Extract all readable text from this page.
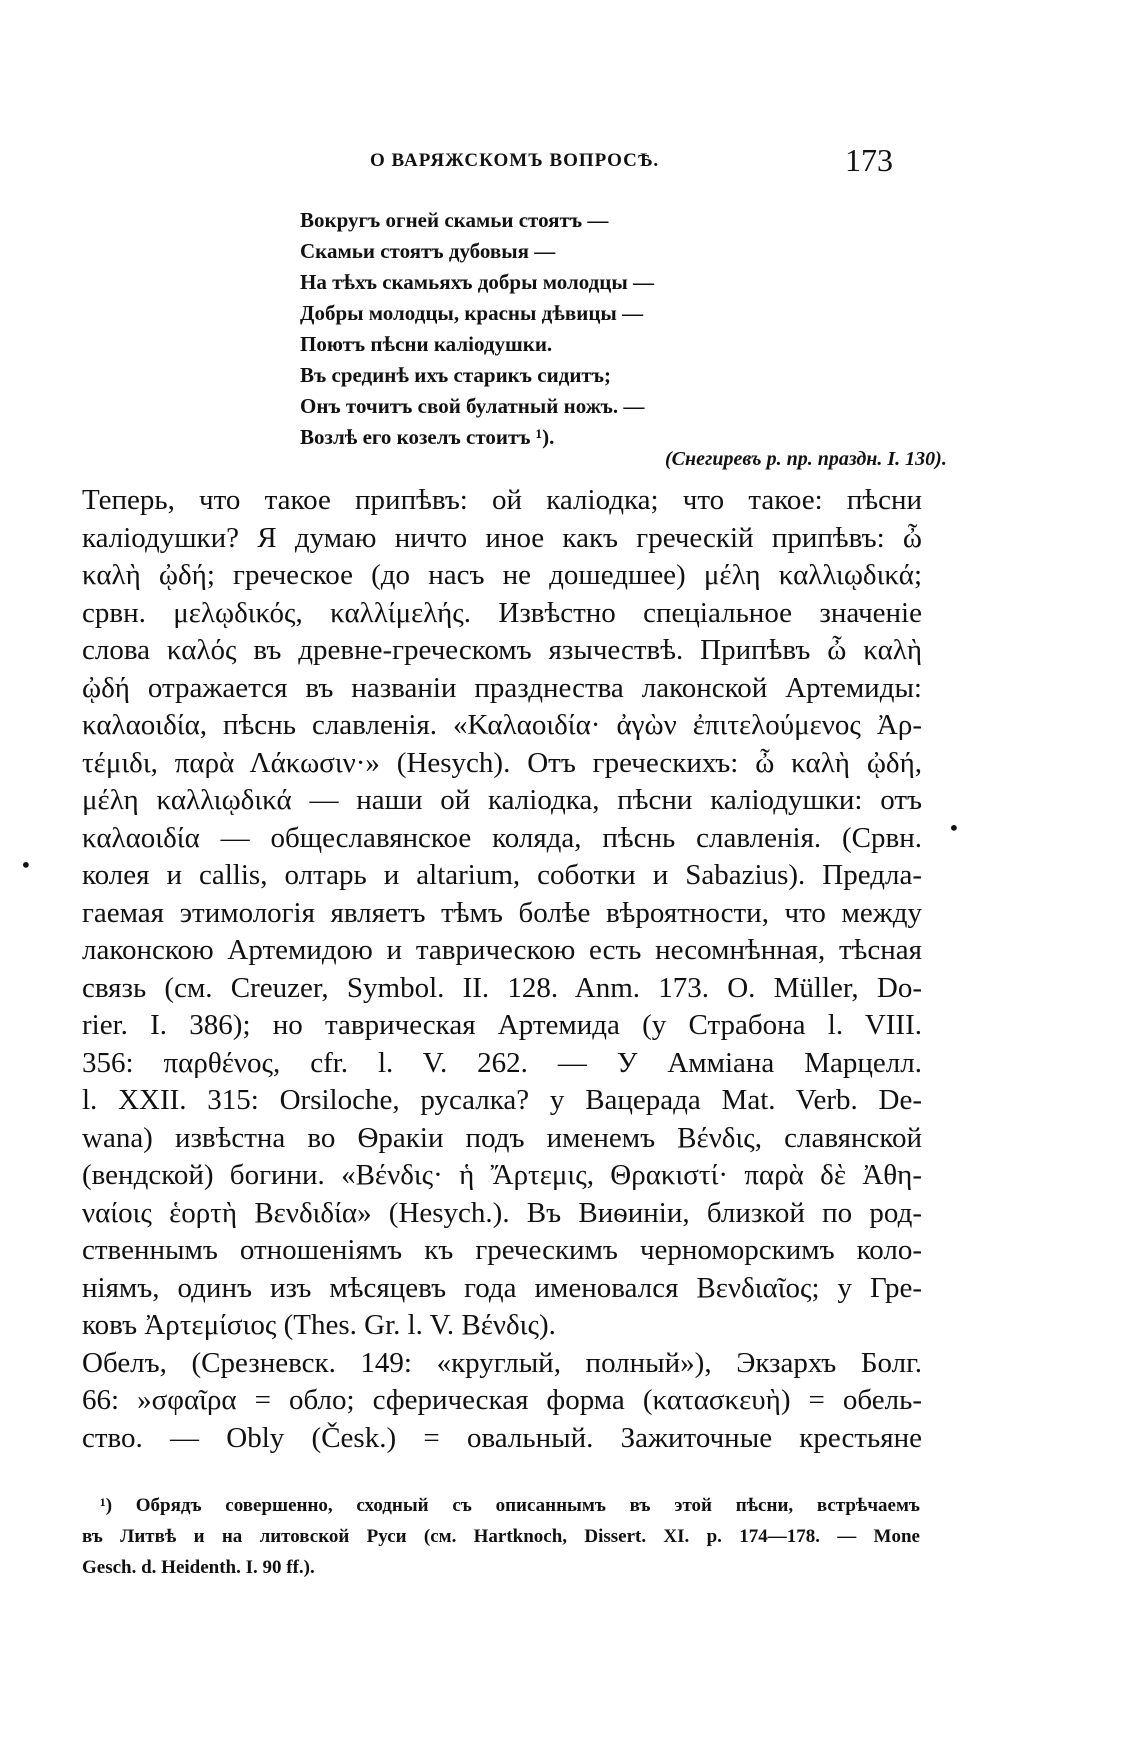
О ВАРЯЖСКОМЪ ВОПРОСѢ.	173
Вокругъ огней скамьи стоятъ —
Скамьи стоятъ дубовыя —
На тѣхъ скамьяхъ добры молодцы —
Добры молодцы, красны дѣвицы —
Поютъ пѣсни калiодушки.
Въ срединѣ ихъ старикъ сидитъ;
Онъ точитъ свой булатный ножъ. —
Возлѣ его козелъ стоитъ ¹).
(Снегиревъ р. пр. праздн. I. 130).
Теперь, что такое припѣвъ: ой калiодка; что такое: пѣсни
калiодушки? Я думаю ничто иное какъ греческiй припѣвъ: ὦ
καλὴ ᾠδή; греческое (до насъ не дошедшее) μέλη καλλιῳδικά;
срвн. μελῳδικός, καλλίμελής. Извѣстно спецiальное значенiе
слова καλός въ древне-греческомъ язычествѣ. Припѣвъ ὦ καλὴ
ᾠδή отражается въ названiи празднества лаконской Артемиды:
καλαοιδία, пѣснь славленiя. «Καλαοιδία· ἀγὼν ἐπιτελούμενος Ἀρ-
τέμιδι, παρὰ Λάκωσιν·» (Hesych). Отъ греческихъ: ὦ καλὴ ᾠδή,
μέλη καλλιῳδικά — наши ой калiодка, пѣсни калiодушки: отъ
καλαοιδία — общеславянское коляда, пѣснь славленiя. (Срвн.
колея и callis, олтарь и altarium, соботки и Sabazius). Предла-
гаемая этимологiя являетъ тѣмъ болѣе вѣроятности, что между
лаконскою Артемидою и таврическою есть несомнѣнная, тѣсная
связь (см. Creuzer, Symbol. II. 128. Anm. 173. O. Müller, Do-
rier. I. 386); но таврическая Артемида (у Страбона l. VIII.
356: παρθένος, cfr. l. V. 262. — У Амміана Марцелл.
l. XXII. 315: Orsiloche, русалка? у Вацерада Mat. Verb. De-
wana) извѣстна во Ѳракiи подъ именемъ Βένδις, славянской
(вендской) богини. «Βένδις· ἡ Ἄρτεμις, Θρακιστί· παρὰ δὲ Ἀθη-
ναίοις ἑορτὴ Βενδιδία» (Hesych.). Въ Виѳинiи, близкой по род-
ственнымъ отношенiямъ къ греческимъ черноморскимъ коло-
нiямъ, одинъ изъ мѣсяцевъ года именовался Βενδιαῖος; у Гре-
ковъ Ἀρτεμίσιος (Thes. Gr. l. V. Βένδις).
Обелъ, (Срезневск. 149: «круглый, полный»), Экзархъ Болг.
66: »σφαῖρα = обло; сферическая форма (κατασκευὴ) = обель-
ство. — Obly (Česk.) = овальный. Зажиточные крестьяне
¹) Обрядъ совершенно, сходный съ описаннымъ въ этой пѣсни, встрѣчаемъ
въ Литвѣ и на литовской Руси (см. Hartknoch, Dissert. XI. p. 174—178. — Mone
Gesch. d. Heidenth. I. 90 ff.).
•
•
